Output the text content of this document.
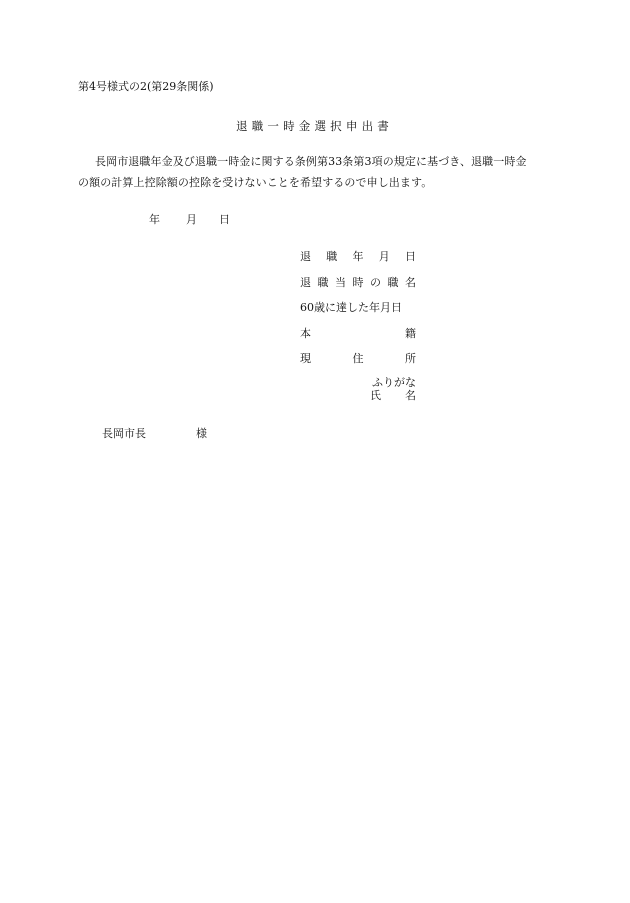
第4号様式の2(第29条関係)
退職一時金選択申出書
長岡市退職年金及び退職一時金に関する条例第33条第3項の規定に基づき、退職一時金
の額の計算上控除額の控除を受けないことを希望するので申し出ます。
年 月 日
退 職 年 月 日
退 職 当 時 の 職 名
60歳に達した年月日
本	籍
現	住	所
ふりがな
氏 名
長岡市長	様
